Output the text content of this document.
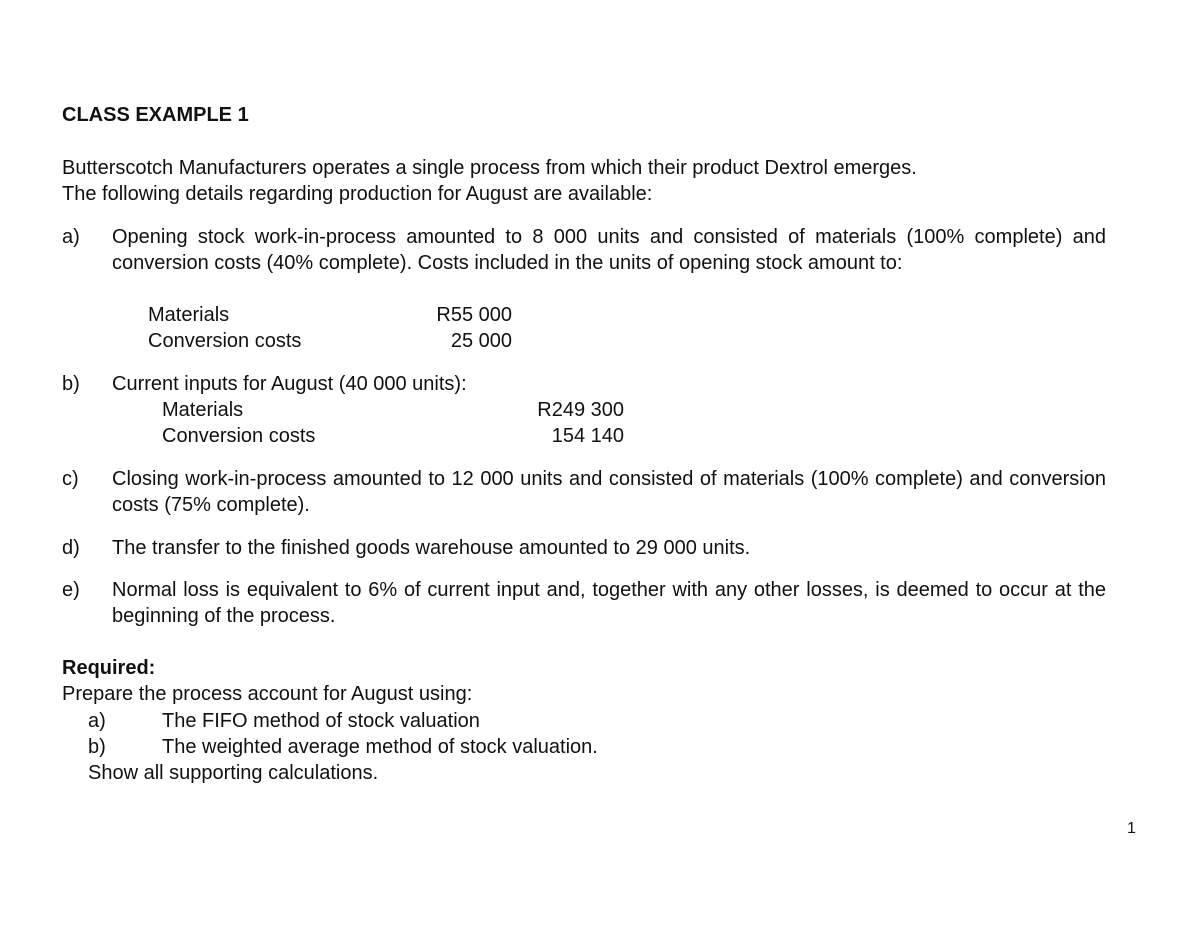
CLASS EXAMPLE 1
Butterscotch Manufacturers operates a single process from which their product Dextrol emerges.
The following details regarding production for August are available:
a) Opening stock work-in-process amounted to 8 000 units and consisted of materials (100% complete) and conversion costs (40% complete). Costs included in the units of opening stock amount to:
Materials	R55 000
Conversion costs	25 000
b) Current inputs for August (40 000 units):
Materials	R249 300
Conversion costs	154 140
c) Closing work-in-process amounted to 12 000 units and consisted of materials (100% complete) and conversion costs (75% complete).
d) The transfer to the finished goods warehouse amounted to 29 000 units.
e) Normal loss is equivalent to 6% of current input and, together with any other losses, is deemed to occur at the beginning of the process.
Required:
Prepare the process account for August using:
a)	The FIFO method of stock valuation
b)	The weighted average method of stock valuation.
Show all supporting calculations.
1
